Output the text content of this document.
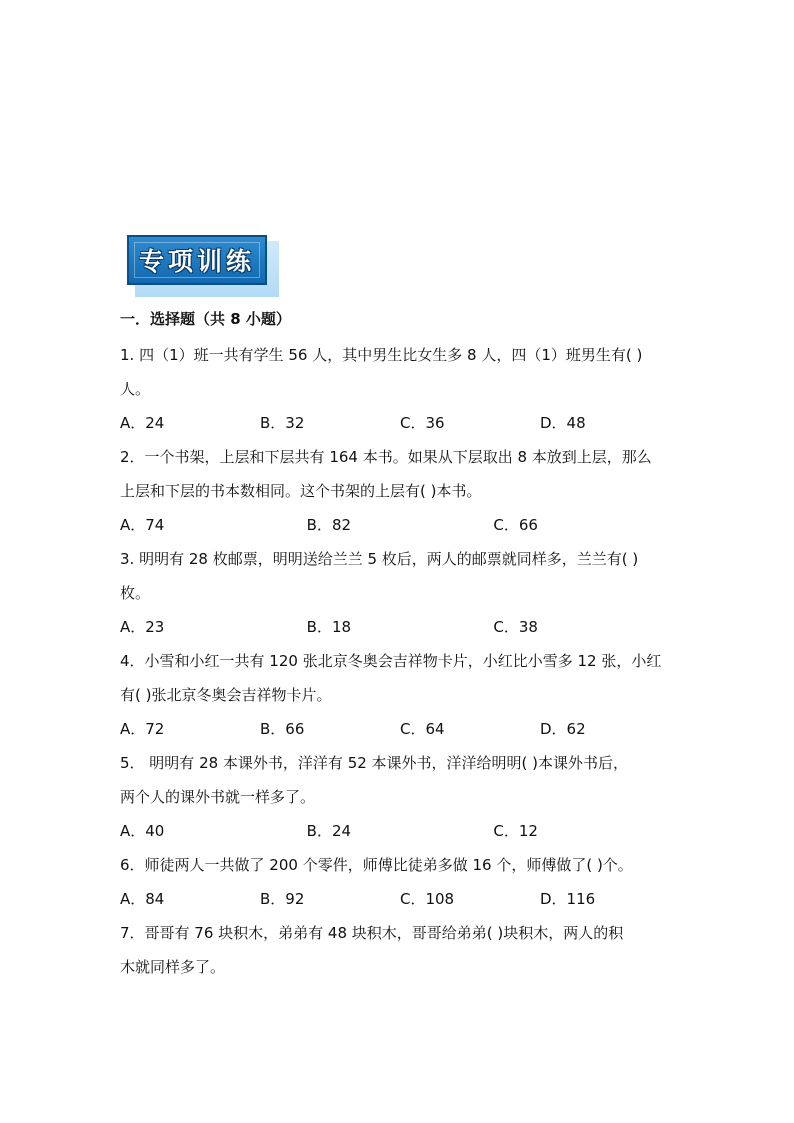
专项训练

一．选择题（共 8 小题）

1. 四（1）班一共有学生 56 人，其中男生比女生多 8 人，四（1）班男生有( )

人。

A．24	B．32	C．36	D．48

2．一个书架，上层和下层共有 164 本书。如果从下层取出 8 本放到上层，那么

上层和下层的书本数相同。这个书架的上层有( )本书。

A．74	B．82	C．66

3. 明明有 28 枚邮票，明明送给兰兰 5 枚后，两人的邮票就同样多，兰兰有( )

枚。

A．23	B．18	C．38

4．小雪和小红一共有 120 张北京冬奥会吉祥物卡片，小红比小雪多 12 张，小红

有( )张北京冬奥会吉祥物卡片。

A．72	B．66	C．64	D．62

5． 明明有 28 本课外书，洋洋有 52 本课外书，洋洋给明明( )本课外书后，

两个人的课外书就一样多了。

A．40	B．24	C．12

6．师徒两人一共做了 200 个零件，师傅比徒弟多做 16 个，师傅做了( )个。

A．84	B．92	C．108	D．116

7．哥哥有 76 块积木，弟弟有 48 块积木，哥哥给弟弟( )块积木，两人的积

木就同样多了。
